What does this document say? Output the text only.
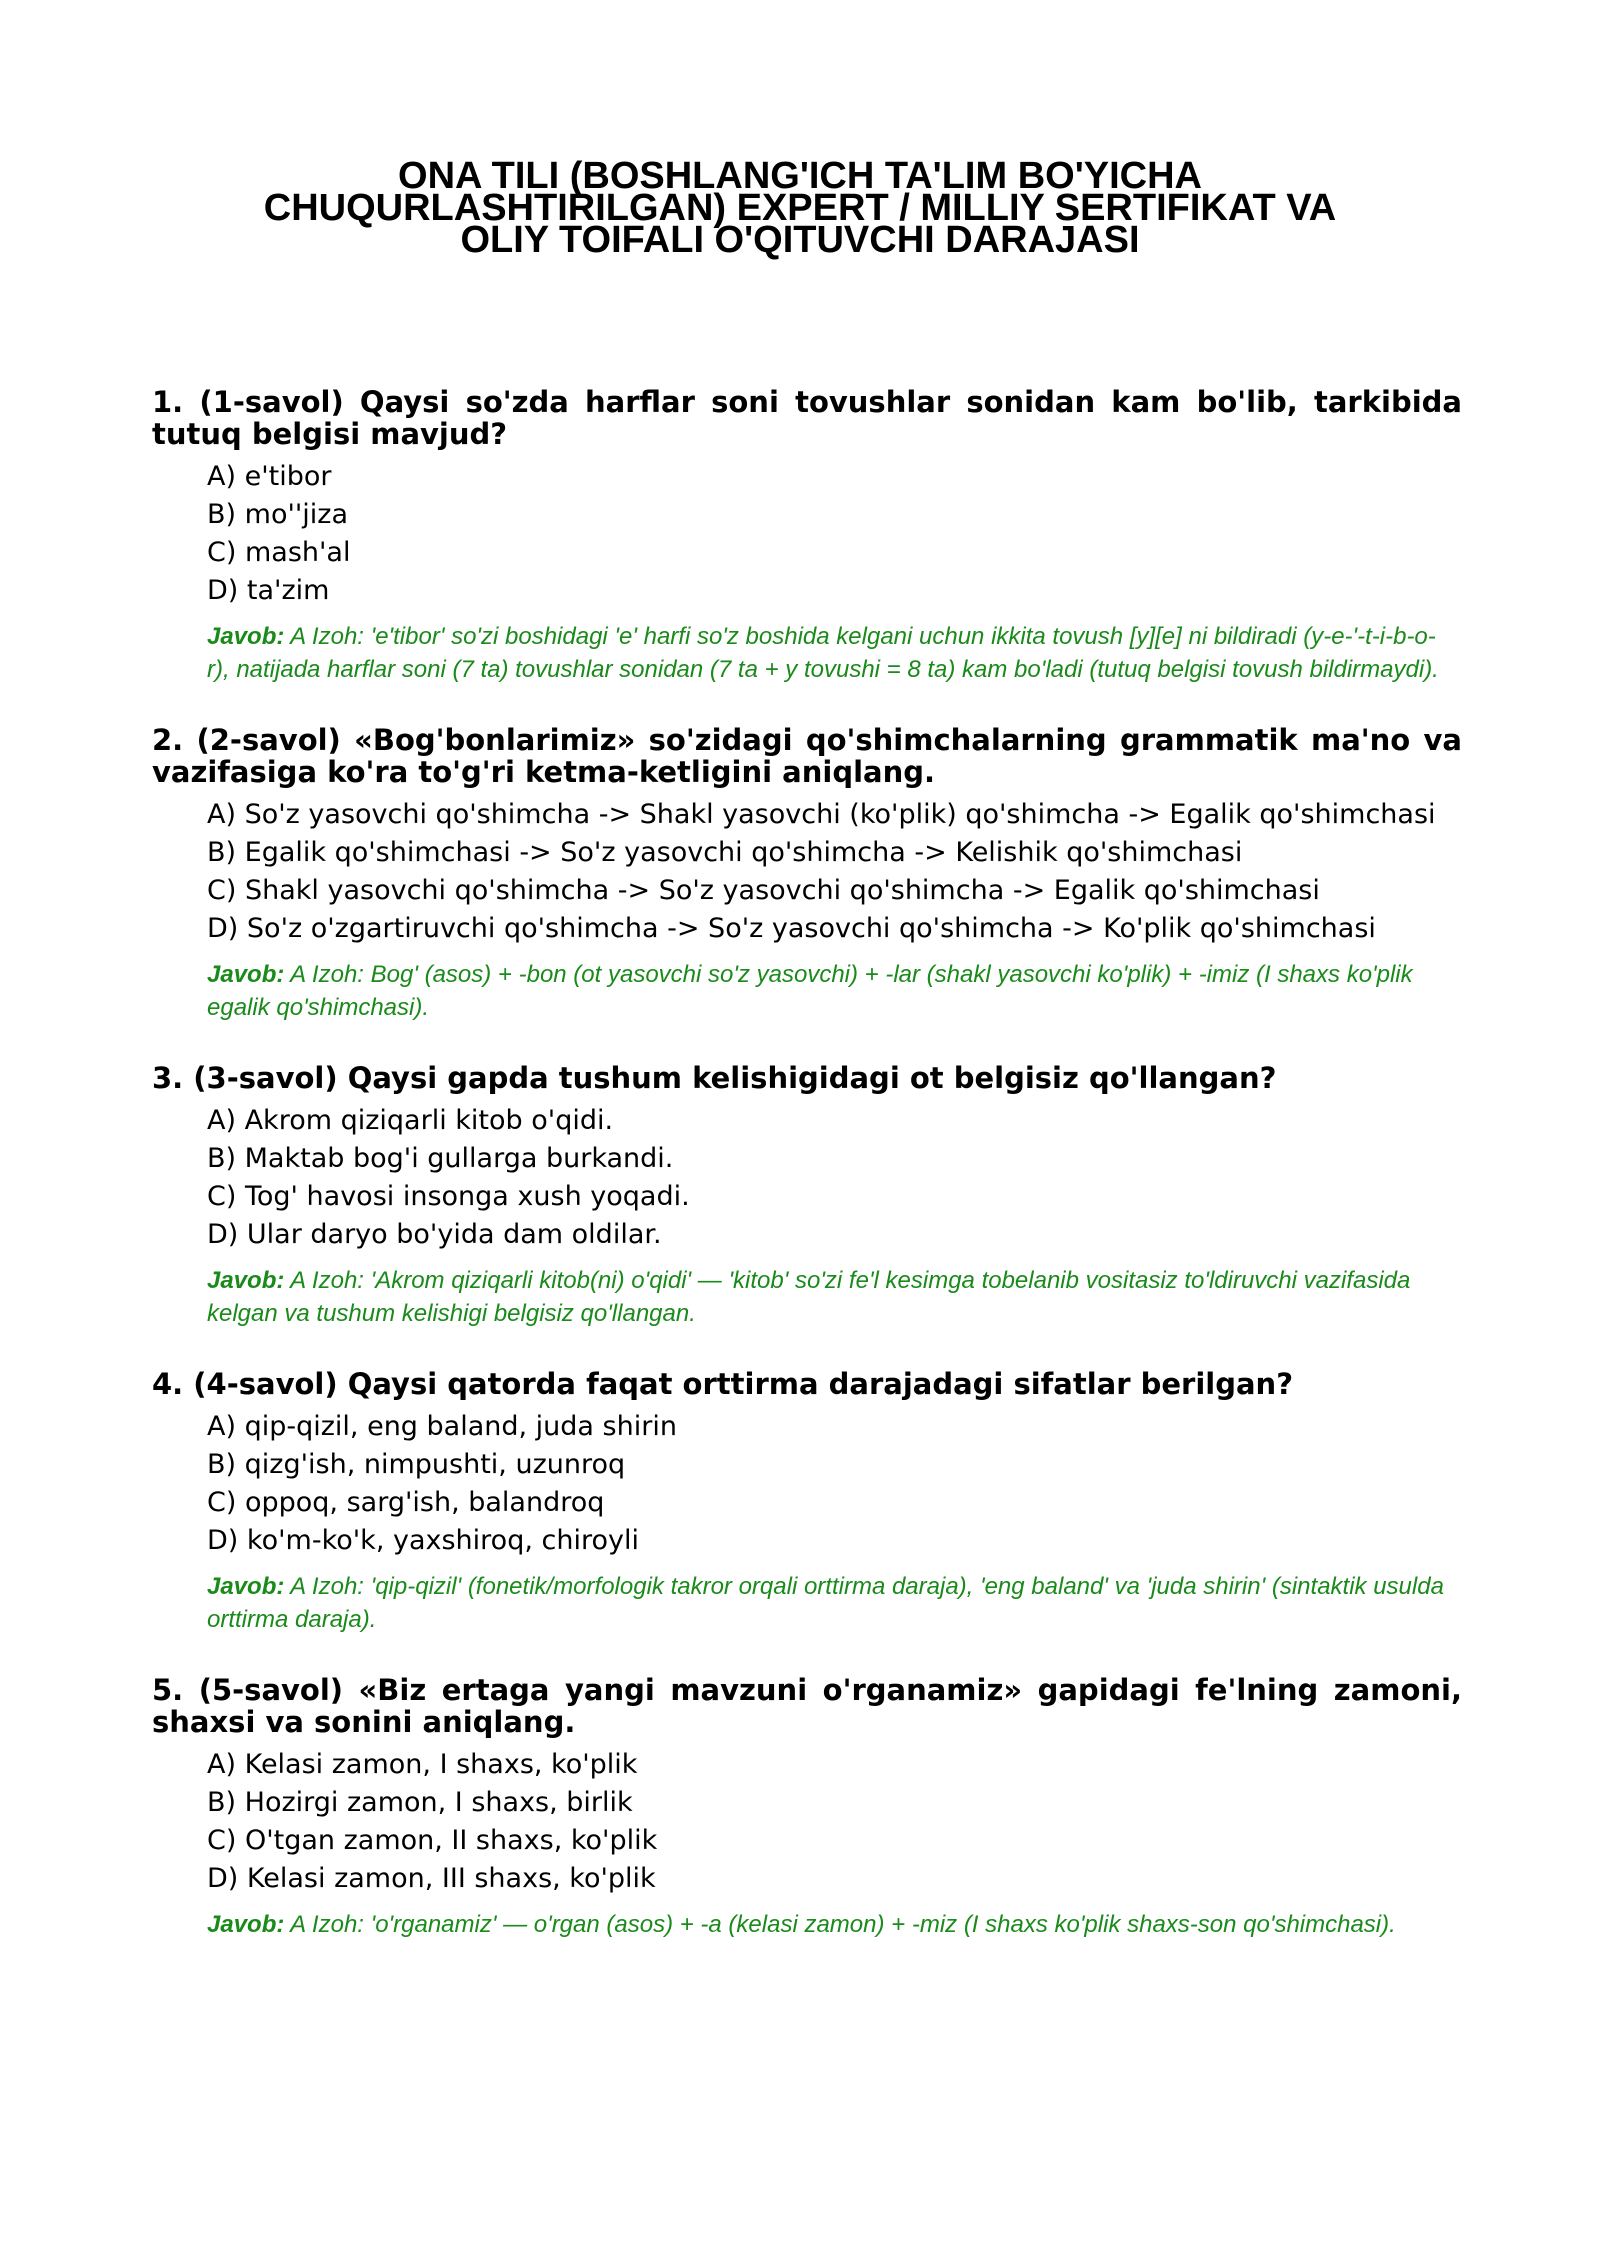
ONA TILI (BOSHLANG'ICH TA'LIM BO'YICHA
CHUQURLASHTIRILGAN) EXPERT / MILLIY SERTIFIKAT VA
OLIY TOIFALI O'QITUVCHI DARAJASI

1. (1-savol) Qaysi so'zda harflar soni tovushlar sonidan kam bo'lib, tarkibida tutuq belgisi mavjud?

A) e'tibor
B) mo''jiza
C) mash'al
D) ta'zim
Javob: A Izoh: 'e'tibor' so'zi boshidagi 'e' harfi so'z boshida kelgani uchun ikkita tovush [y][e] ni bildiradi (y-e-'-t-i-b-o-r), natijada harflar soni (7 ta) tovushlar sonidan (7 ta + y tovushi = 8 ta) kam bo'ladi (tutuq belgisi tovush bildirmaydi).

2. (2-savol) «Bog'bonlarimiz» so'zidagi qo'shimchalarning grammatik ma'no va vazifasiga ko'ra to'g'ri ketma-ketligini aniqlang.

A) So'z yasovchi qo'shimcha -> Shakl yasovchi (ko'plik) qo'shimcha -> Egalik qo'shimchasi
B) Egalik qo'shimchasi -> So'z yasovchi qo'shimcha -> Kelishik qo'shimchasi
C) Shakl yasovchi qo'shimcha -> So'z yasovchi qo'shimcha -> Egalik qo'shimchasi
D) So'z o'zgartiruvchi qo'shimcha -> So'z yasovchi qo'shimcha -> Ko'plik qo'shimchasi
Javob: A Izoh: Bog' (asos) + -bon (ot yasovchi so'z yasovchi) + -lar (shakl yasovchi ko'plik) + -imiz (I shaxs ko'plik egalik qo'shimchasi).

3. (3-savol) Qaysi gapda tushum kelishigidagi ot belgisiz qo'llangan?

A) Akrom qiziqarli kitob o'qidi.
B) Maktab bog'i gullarga burkandi.
C) Tog' havosi insonga xush yoqadi.
D) Ular daryo bo'yida dam oldilar.
Javob: A Izoh: 'Akrom qiziqarli kitob(ni) o'qidi' — 'kitob' so'zi fe'l kesimga tobelanib vositasiz to'ldiruvchi vazifasida kelgan va tushum kelishigi belgisiz qo'llangan.

4. (4-savol) Qaysi qatorda faqat orttirma darajadagi sifatlar berilgan?

A) qip-qizil, eng baland, juda shirin
B) qizg'ish, nimpushti, uzunroq
C) oppoq, sarg'ish, balandroq
D) ko'm-ko'k, yaxshiroq, chiroyli
Javob: A Izoh: 'qip-qizil' (fonetik/morfologik takror orqali orttirma daraja), 'eng baland' va 'juda shirin' (sintaktik usulda orttirma daraja).

5. (5-savol) «Biz ertaga yangi mavzuni o'rganamiz» gapidagi fe'lning zamoni, shaxsi va sonini aniqlang.

A) Kelasi zamon, I shaxs, ko'plik
B) Hozirgi zamon, I shaxs, birlik
C) O'tgan zamon, II shaxs, ko'plik
D) Kelasi zamon, III shaxs, ko'plik
Javob: A Izoh: 'o'rganamiz' — o'rgan (asos) + -a (kelasi zamon) + -miz (I shaxs ko'plik shaxs-son qo'shimchasi).
